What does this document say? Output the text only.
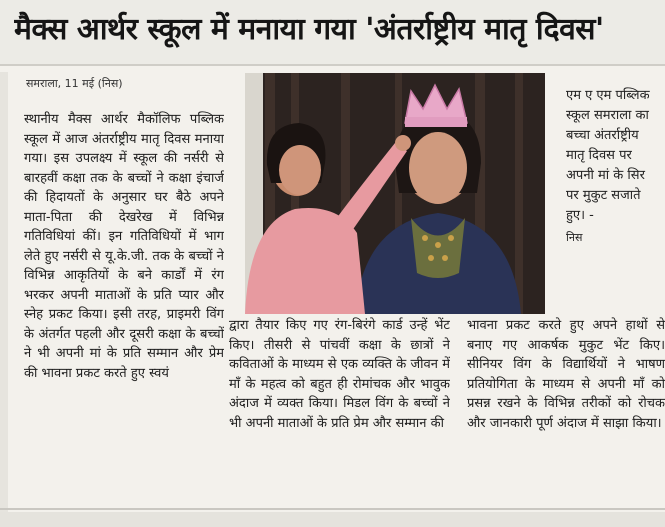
मैक्स आर्थर स्कूल में मनाया गया 'अंतर्राष्ट्रीय मातृ दिवस'
समराला, 11 मई (निस)

स्थानीय मैक्स आर्थर मैकॉलिफ पब्लिक स्कूल में आज अंतर्राष्ट्रीय मातृ दिवस मनाया गया। इस उपलक्ष्य में स्कूल की नर्सरी से बारहवीं कक्षा तक के बच्चों ने कक्षा इंचार्ज की हिदायतों के अनुसार घर बैठे अपने माता-पिता की देखरेख में विभिन्न गतिविधियां कीं। इन गतिविधियों में भाग लेते हुए नर्सरी से यू.के.जी. तक के बच्चों ने विभिन्न आकृतियों के बने कार्डों में रंग भरकर अपनी माताओं के प्रति प्यार और स्नेह प्रकट किया। इसी तरह, प्राइमरी विंग के अंतर्गत पहली और दूसरी कक्षा के बच्चों ने भी अपनी मां के प्रति सम्मान और प्रेम की भावना प्रकट करते हुए स्वयं

एम ए एम पब्लिक स्कूल समराला का बच्चा अंतर्राष्ट्रीय मातृ दिवस पर अपनी मां के सिर पर मुकुट सजाते हुए। -
निस

द्वारा तैयार किए गए रंग-बिरंगे कार्ड उन्हें भेंट किए। तीसरी से पांचवीं कक्षा के छात्रों ने कविताओं के माध्यम से एक व्यक्ति के जीवन में माँ के महत्व को बहुत ही रोमांचक और भावुक अंदाज में व्यक्त किया। मिडल विंग के बच्चों ने भी अपनी माताओं के प्रति प्रेम और सम्मान की

भावना प्रकट करते हुए अपने हाथों से बनाए गए आकर्षक मुकुट भेंट किए। सीनियर विंग के विद्यार्थियों ने भाषण प्रतियोगिता के माध्यम से अपनी माँ को प्रसन्न रखने के विभिन्न तरीकों को रोचक और जानकारी पूर्ण अंदाज में साझा किया।
